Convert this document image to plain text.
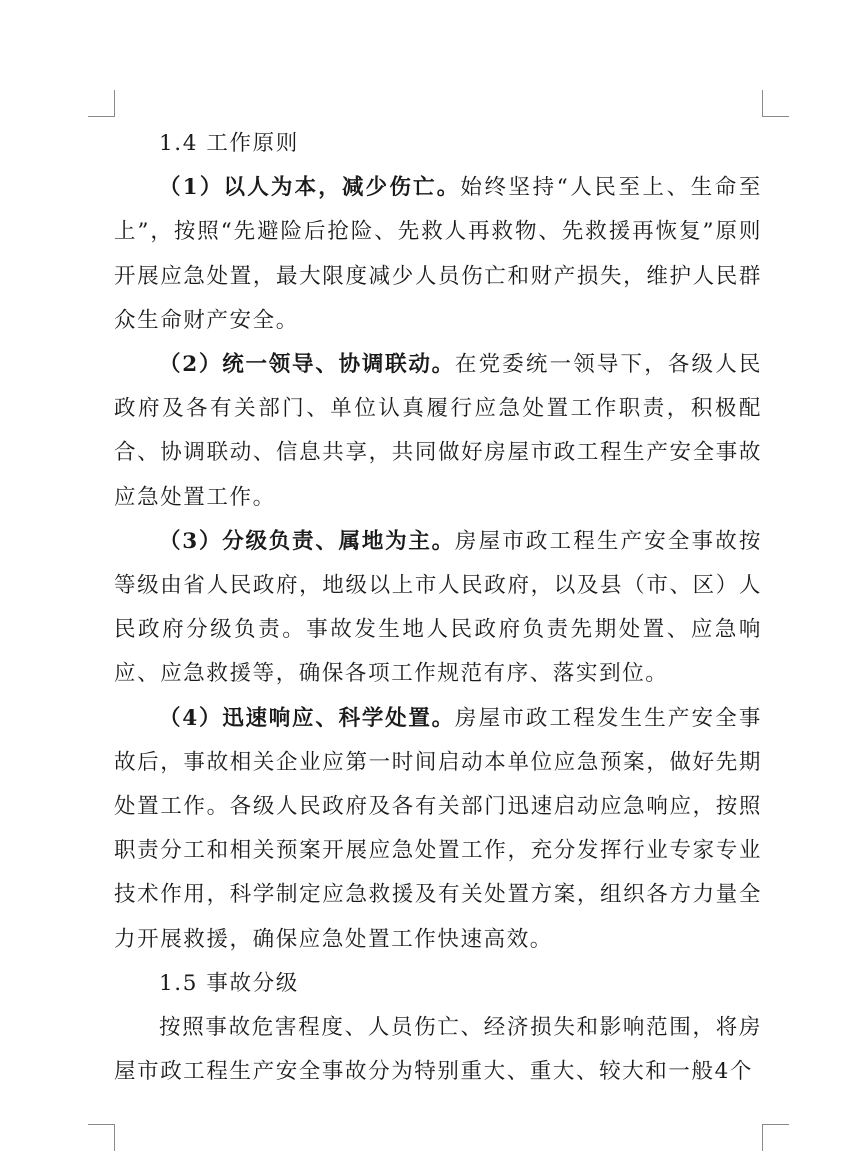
1.4 工作原则

（1）以人为本，减少伤亡。始终坚持“人民至上、生命至上”，按照“先避险后抢险、先救人再救物、先救援再恢复”原则开展应急处置，最大限度减少人员伤亡和财产损失，维护人民群众生命财产安全。

（2）统一领导、协调联动。在党委统一领导下，各级人民政府及各有关部门、单位认真履行应急处置工作职责，积极配合、协调联动、信息共享，共同做好房屋市政工程生产安全事故应急处置工作。

（3）分级负责、属地为主。房屋市政工程生产安全事故按等级由省人民政府，地级以上市人民政府，以及县（市、区）人民政府分级负责。事故发生地人民政府负责先期处置、应急响应、应急救援等，确保各项工作规范有序、落实到位。

（4）迅速响应、科学处置。房屋市政工程发生生产安全事故后，事故相关企业应第一时间启动本单位应急预案，做好先期处置工作。各级人民政府及各有关部门迅速启动应急响应，按照职责分工和相关预案开展应急处置工作，充分发挥行业专家专业技术作用，科学制定应急救援及有关处置方案，组织各方力量全力开展救援，确保应急处置工作快速高效。

1.5 事故分级

按照事故危害程度、人员伤亡、经济损失和影响范围，将房屋市政工程生产安全事故分为特别重大、重大、较大和一般4个
